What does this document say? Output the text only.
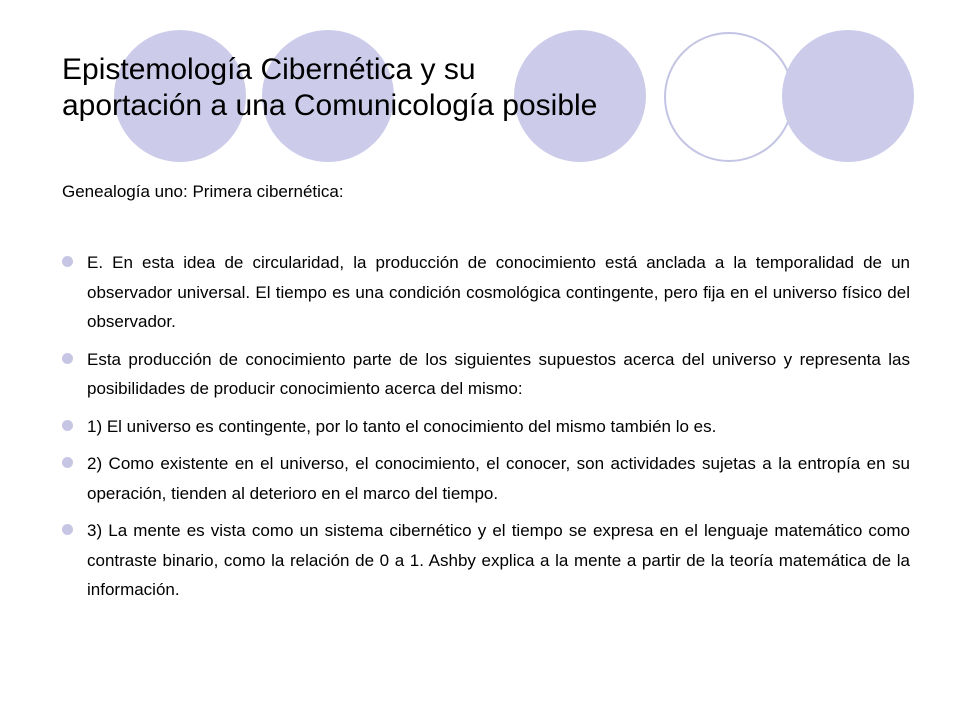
Epistemología Cibernética y su
aportación a una Comunicología posible

Genealogía uno: Primera cibernética:

E. En esta idea de circularidad, la producción de conocimiento está anclada a la temporalidad de un observador universal. El tiempo es una condición cosmológica contingente, pero fija en el universo físico del observador.
Esta producción de conocimiento parte de los siguientes supuestos acerca del universo y representa las posibilidades de producir conocimiento acerca del mismo:
1) El universo es contingente, por lo tanto el conocimiento del mismo también lo es.
2) Como existente en el universo, el conocimiento, el conocer, son actividades sujetas a la entropía en su operación, tienden al deterioro en el marco del tiempo.
3) La mente es vista como un sistema cibernético y el tiempo se expresa en el lenguaje matemático como contraste binario, como la relación de 0 a 1. Ashby explica a la mente a partir de la teoría matemática de la información.
